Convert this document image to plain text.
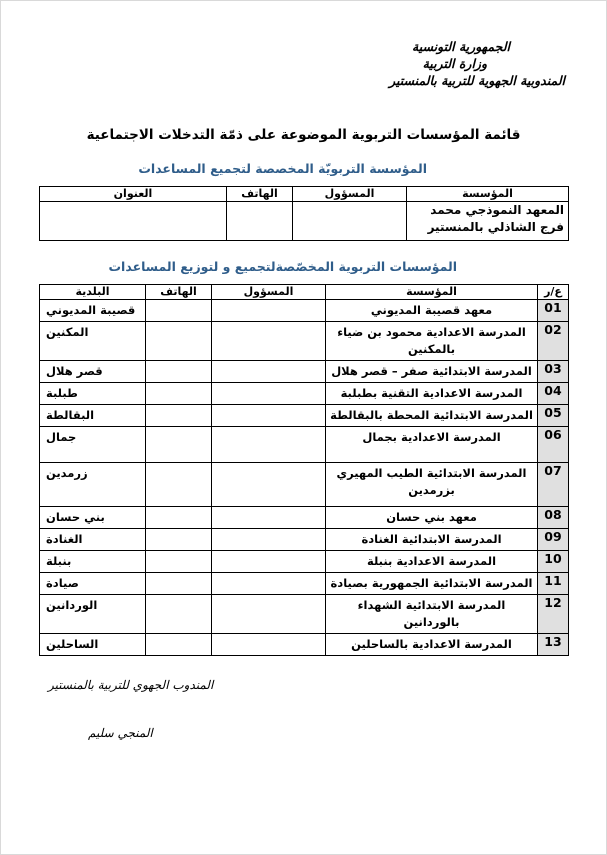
الجمهورية التونسية
وزارة التربية
المندوبية الجهوية للتربية بالمنستير
قائمة المؤسسات التربوية الموضوعة على ذمّة التدخلات الاجتماعية
المؤسسة التربويّة المخصصة لتجميع المساعدات
المؤسسة	المسؤول	الهاتف	العنوان
المعهد النموذجي محمد فرج الشاذلي بالمنستير			
المؤسسات التربوية المخصّصةلتجميع و لتوزيع المساعدات
ع/ر	المؤسسة	المسؤول	الهاتف	البلدية
01	معهد قصيبة المديوني			قصيبة المديوني
02	المدرسة الاعدادية محمود بن ضياء بالمكنين			المكنين
03	المدرسة الابتدائية صفر – قصر هلال			قصر هلال
04	المدرسة الاعدادية التقنية بطبلبة			طبلبة
05	المدرسة الابتدائية المحطة بالبقالطة			البقالطة
06	المدرسة الاعدادية بجمال			جمال
07	المدرسة الابتدائية الطيب المهيري بزرمدين			زرمدين
08	معهد بني حسان			بني حسان
09	المدرسة الابتدائية الغنادة			الغنادة
10	المدرسة الاعدادية بنبلة			بنبلة
11	المدرسة الابتدائية الجمهورية بصيادة			صيادة
12	المدرسة الابتدائية الشهداء بالوردانين			الوردانين
13	المدرسة الاعدادية بالساحلين			الساحلين
المندوب الجهوي للتربية بالمنستير
المنجي سليم
